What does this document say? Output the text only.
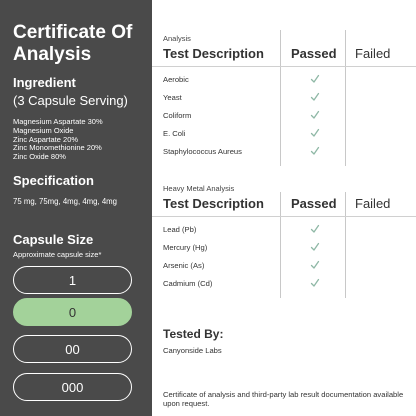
Certificate Of Analysis
Ingredient
(3 Capsule Serving)
Magnesium Aspartate 30%
Magnesium Oxide
Zinc Aspartate 20%
Zinc Monomethionine 20%
Zinc Oxide 80%
Specification
75 mg, 75mg, 4mg, 4mg, 4mg
Capsule Size
Approximate capsule size*
1
0
00
000
Analysis
Test Description Passed Failed
Aerobic
Yeast
Coliform
E. Coli
Staphylococcus Aureus
Heavy Metal Analysis
Test Description Passed Failed
Lead (Pb)
Mercury (Hg)
Arsenic (As)
Cadmium (Cd)
Tested By:
Canyonside Labs
Certificate of analysis and third-party lab result documentation available upon request.
